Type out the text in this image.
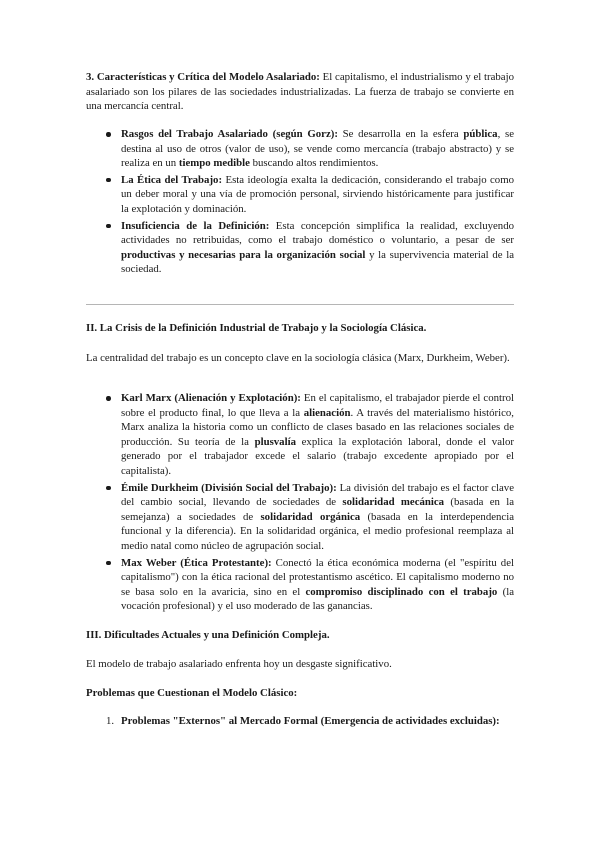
3. Características y Crítica del Modelo Asalariado: El capitalismo, el industrialismo y el trabajo asalariado son los pilares de las sociedades industrializadas. La fuerza de trabajo se convierte en una mercancía central.

Rasgos del Trabajo Asalariado (según Gorz): Se desarrolla en la esfera pública, se destina al uso de otros (valor de uso), se vende como mercancía (trabajo abstracto) y se realiza en un tiempo medible buscando altos rendimientos.
La Ética del Trabajo: Esta ideología exalta la dedicación, considerando el trabajo como un deber moral y una vía de promoción personal, sirviendo históricamente para justificar la explotación y dominación.
Insuficiencia de la Definición: Esta concepción simplifica la realidad, excluyendo actividades no retribuidas, como el trabajo doméstico o voluntario, a pesar de ser productivas y necesarias para la organización social y la supervivencia material de la sociedad.

II. La Crisis de la Definición Industrial de Trabajo y la Sociología Clásica.

La centralidad del trabajo es un concepto clave en la sociología clásica (Marx, Durkheim, Weber).

Karl Marx (Alienación y Explotación): En el capitalismo, el trabajador pierde el control sobre el producto final, lo que lleva a la alienación. A través del materialismo histórico, Marx analiza la historia como un conflicto de clases basado en las relaciones sociales de producción. Su teoría de la plusvalía explica la explotación laboral, donde el valor generado por el trabajador excede el salario (trabajo excedente apropiado por el capitalista).
Émile Durkheim (División Social del Trabajo): La división del trabajo es el factor clave del cambio social, llevando de sociedades de solidaridad mecánica (basada en la semejanza) a sociedades de solidaridad orgánica (basada en la interdependencia funcional y la diferencia). En la solidaridad orgánica, el medio profesional reemplaza al medio natal como núcleo de agrupación social.
Max Weber (Ética Protestante): Conectó la ética económica moderna (el "espíritu del capitalismo") con la ética racional del protestantismo ascético. El capitalismo moderno no se basa solo en la avaricia, sino en el compromiso disciplinado con el trabajo (la vocación profesional) y el uso moderado de las ganancias.

III. Dificultades Actuales y una Definición Compleja.

El modelo de trabajo asalariado enfrenta hoy un desgaste significativo.

Problemas que Cuestionan el Modelo Clásico:

1. Problemas "Externos" al Mercado Formal (Emergencia de actividades excluidas):
